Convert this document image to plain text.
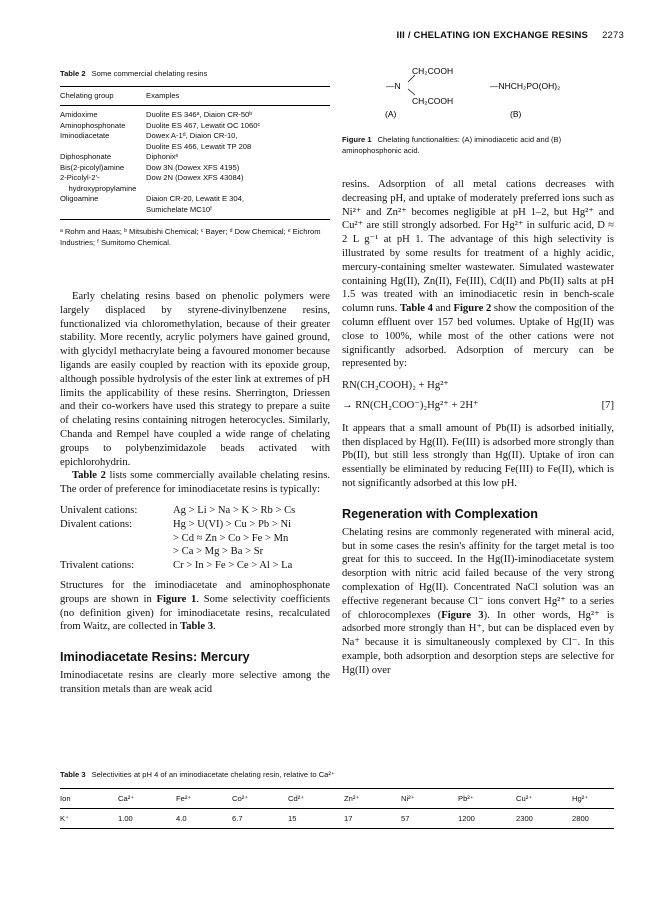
III / CHELATING ION EXCHANGE RESINS 2273
Table 2 Some commercial chelating resins
Chelating group	Examples
Amidoxime	Duolite ES 346ᵃ, Diaion CR-50ᵇ
Aminophosphonate	Duolite ES 467, Lewatit OC 1060ᶜ
Iminodiacetate	Dowex A-1ᵈ, Diaion CR-10,
	Duolite ES 466, Lewatit TP 208
Diphosphonate	Diphonixᵉ
Bis(2-picolyl)amine	Dow 3N (Dowex XFS 4195)
2-Picolyl-2'-	Dow 2N (Dowex XFS 43084)
hydroxypropylamine	
Oligoamine	Diaion CR-20, Lewatit E 304,
	Sumichelate MC10ᶠ
ᵃ Rohm and Haas; ᵇ Mitsubishi Chemical; ᶜ Bayer; ᵈ Dow Chemical; ᵉ Eichrom Industries; ᶠ Sumitomo Chemical.
CH₂COOH
—N
CH₂COOH
(A)
—NHCH₂PO(OH)₂
(B)
Figure 1 Chelating functionalities: (A) iminodiacetic acid and (B) aminophosphonic acid.

Early chelating resins based on phenolic polymers were largely displaced by styrene-divinylbenzene resins, functionalized via chloromethylation, because of their greater stability. More recently, acrylic polymers have gained ground, with glycidyl methacrylate being a favoured monomer because ligands are easily coupled by reaction with its epoxide group, although possible hydrolysis of the ester link at extremes of pH limits the applicability of these resins. Sherrington, Driessen and their co-workers have used this strategy to prepare a suite of chelating resins containing nitrogen heterocycles. Similarly, Chanda and Rempel have coupled a wide range of chelating groups to polybenzimidazole beads activated with epichlorohydrin.

Table 2 lists some commercially available chelating resins. The order of preference for iminodiacetate resins is typically:

Univalent cations:	Ag > Li > Na > K > Rb > Cs
Divalent cations:	Hg > U(VI) > Cu > Pb > Ni
	> Cd ≈ Zn > Co > Fe > Mn
	> Ca > Mg > Ba > Sr
Trivalent cations:	Cr > In > Fe > Ce > Al > La

Structures for the iminodiacetate and aminophosphonate groups are shown in Figure 1. Some selectivity coefficients (no definition given) for iminodiacetate resins, recalculated from Waitz, are collected in Table 3.

Iminodiacetate Resins: Mercury

Iminodiacetate resins are clearly more selective among the transition metals than are weak acid

resins. Adsorption of all metal cations decreases with decreasing pH, and uptake of moderately preferred ions such as Ni²⁺ and Zn²⁺ becomes negligible at pH 1–2, but Hg²⁺ and Cu²⁺ are still strongly adsorbed. For Hg²⁺ in sulfuric acid, D ≈ 2 L g⁻¹ at pH 1. The advantage of this high selectivity is illustrated by some results for treatment of a highly acidic, mercury-containing smelter wastewater. Simulated wastewater containing Hg(II), Zn(II), Fe(III), Cd(II) and Pb(II) salts at pH 1.5 was treated with an iminodiacetic resin in bench-scale column runs. Table 4 and Figure 2 show the composition of the column effluent over 157 bed volumes. Uptake of Hg(II) was close to 100%, while most of the other cations were not significantly adsorbed. Adsorption of mercury can be represented by:

RN(CH₂COOH)₂ + Hg²⁺
→ RN(CH₂COO⁻)₂Hg²⁺ + 2H⁺	[7]

It appears that a small amount of Pb(II) is adsorbed initially, then displaced by Hg(II). Fe(III) is adsorbed more strongly than Pb(II), but still less strongly than Hg(II). Uptake of iron can essentially be eliminated by reducing Fe(III) to Fe(II), which is not significantly adsorbed at this low pH.

Regeneration with Complexation

Chelating resins are commonly regenerated with mineral acid, but in some cases the resin's affinity for the target metal is too great for this to succeed. In the Hg(II)-iminodiacetate system desorption with nitric acid failed because of the very strong complexation of Hg(II). Concentrated NaCl solution was an effective regenerant because Cl⁻ ions convert Hg²⁺ to a series of chlorocomplexes (Figure 3). In other words, Hg²⁺ is adsorbed more strongly than H⁺, but can be displaced even by Na⁺ because it is simultaneously complexed by Cl⁻. In this example, both adsorption and desorption steps are selective for Hg(II) over

Table 3 Selectivities at pH 4 of an iminodiacetate chelating resin, relative to Ca²⁺
Ion	Ca²⁺	Fe²⁺	Co²⁺	Cd²⁺	Zn²⁺	Ni²⁺	Pb²⁺	Cu²⁺	Hg²⁺
K⁺	1.00	4.0	6.7	15	17	57	1200	2300	2800
